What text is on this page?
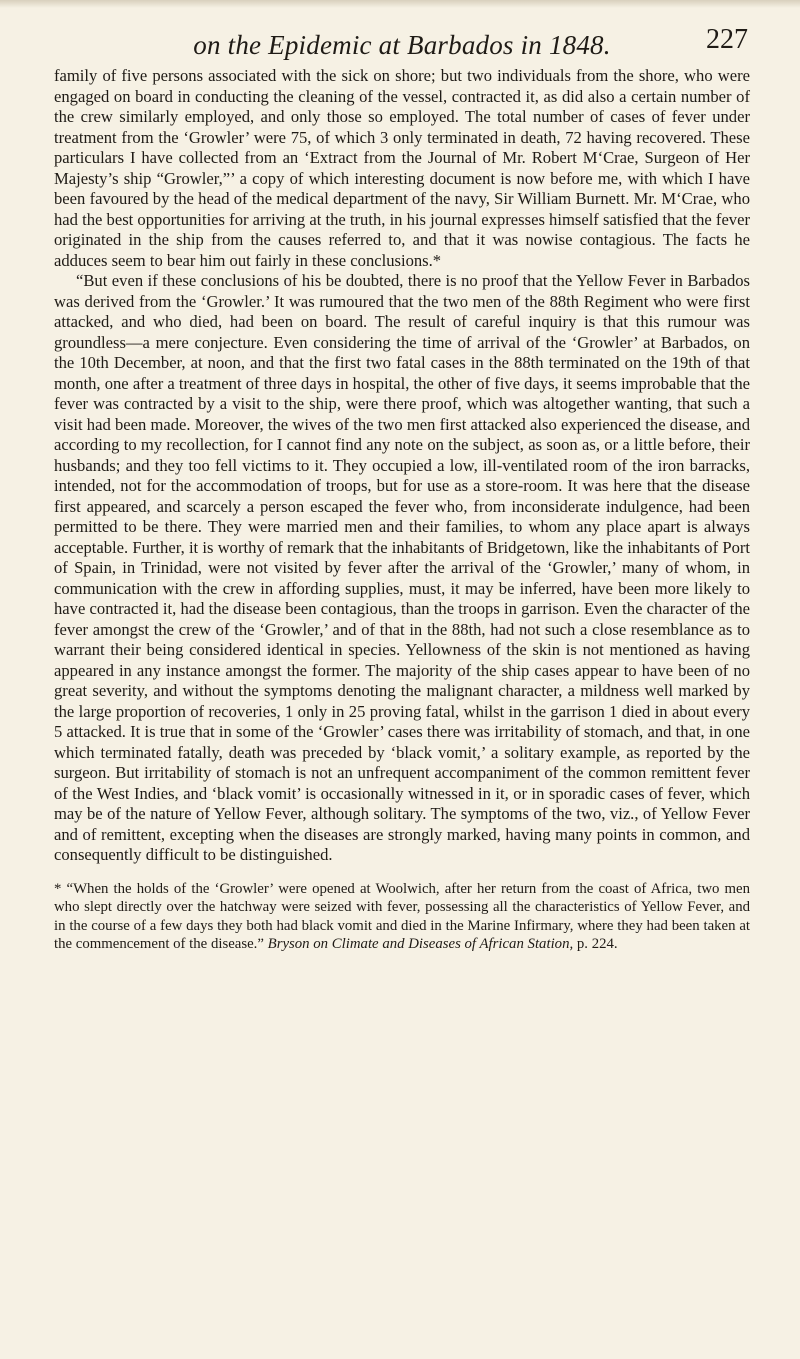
on the Epidemic at Barbados in 1848.	227

family of five persons associated with the sick on shore; but two individuals from the shore, who were engaged on board in conducting the cleaning of the vessel, contracted it, as did also a certain number of the crew similarly employed, and only those so employed. The total number of cases of fever under treatment from the ‘Growler’ were 75, of which 3 only terminated in death, 72 having recovered. These particulars I have collected from an ‘Extract from the Journal of Mr. Robert M‘Crae, Surgeon of Her Majesty’s ship “Growler,”’ a copy of which interesting document is now before me, with which I have been favoured by the head of the medical department of the navy, Sir William Burnett. Mr. M‘Crae, who had the best opportunities for arriving at the truth, in his journal expresses himself satisfied that the fever originated in the ship from the causes referred to, and that it was nowise contagious. The facts he adduces seem to bear him out fairly in these conclusions.*

“But even if these conclusions of his be doubted, there is no proof that the Yellow Fever in Barbados was derived from the ‘Growler.’ It was rumoured that the two men of the 88th Regiment who were first attacked, and who died, had been on board. The result of careful inquiry is that this rumour was groundless—a mere conjecture. Even considering the time of arrival of the ‘Growler’ at Barbados, on the 10th December, at noon, and that the first two fatal cases in the 88th terminated on the 19th of that month, one after a treatment of three days in hospital, the other of five days, it seems improbable that the fever was contracted by a visit to the ship, were there proof, which was altogether wanting, that such a visit had been made. Moreover, the wives of the two men first attacked also experienced the disease, and according to my recollection, for I cannot find any note on the subject, as soon as, or a little before, their husbands; and they too fell victims to it. They occupied a low, ill-ventilated room of the iron barracks, intended, not for the accommodation of troops, but for use as a store-room. It was here that the disease first appeared, and scarcely a person escaped the fever who, from inconsiderate indulgence, had been permitted to be there. They were married men and their families, to whom any place apart is always acceptable. Further, it is worthy of remark that the inhabitants of Bridgetown, like the inhabitants of Port of Spain, in Trinidad, were not visited by fever after the arrival of the ‘Growler,’ many of whom, in communication with the crew in affording supplies, must, it may be inferred, have been more likely to have contracted it, had the disease been contagious, than the troops in garrison. Even the character of the fever amongst the crew of the ‘Growler,’ and of that in the 88th, had not such a close resemblance as to warrant their being considered identical in species. Yellowness of the skin is not mentioned as having appeared in any instance amongst the former. The majority of the ship cases appear to have been of no great severity, and without the symptoms denoting the malignant character, a mildness well marked by the large proportion of recoveries, 1 only in 25 proving fatal, whilst in the garrison 1 died in about every 5 attacked. It is true that in some of the ‘Growler’ cases there was irritability of stomach, and that, in one which terminated fatally, death was preceded by ‘black vomit,’ a solitary example, as reported by the surgeon. But irritability of stomach is not an unfrequent accompaniment of the common remittent fever of the West Indies, and ‘black vomit’ is occasionally witnessed in it, or in sporadic cases of fever, which may be of the nature of Yellow Fever, although solitary. The symptoms of the two, viz., of Yellow Fever and of remittent, excepting when the diseases are strongly marked, having many points in common, and consequently difficult to be distinguished.

* “When the holds of the ‘Growler’ were opened at Woolwich, after her return from the coast of Africa, two men who slept directly over the hatchway were seized with fever, possessing all the characteristics of Yellow Fever, and in the course of a few days they both had black vomit and died in the Marine Infirmary, where they had been taken at the commencement of the disease.” Bryson on Climate and Diseases of African Station, p. 224.
